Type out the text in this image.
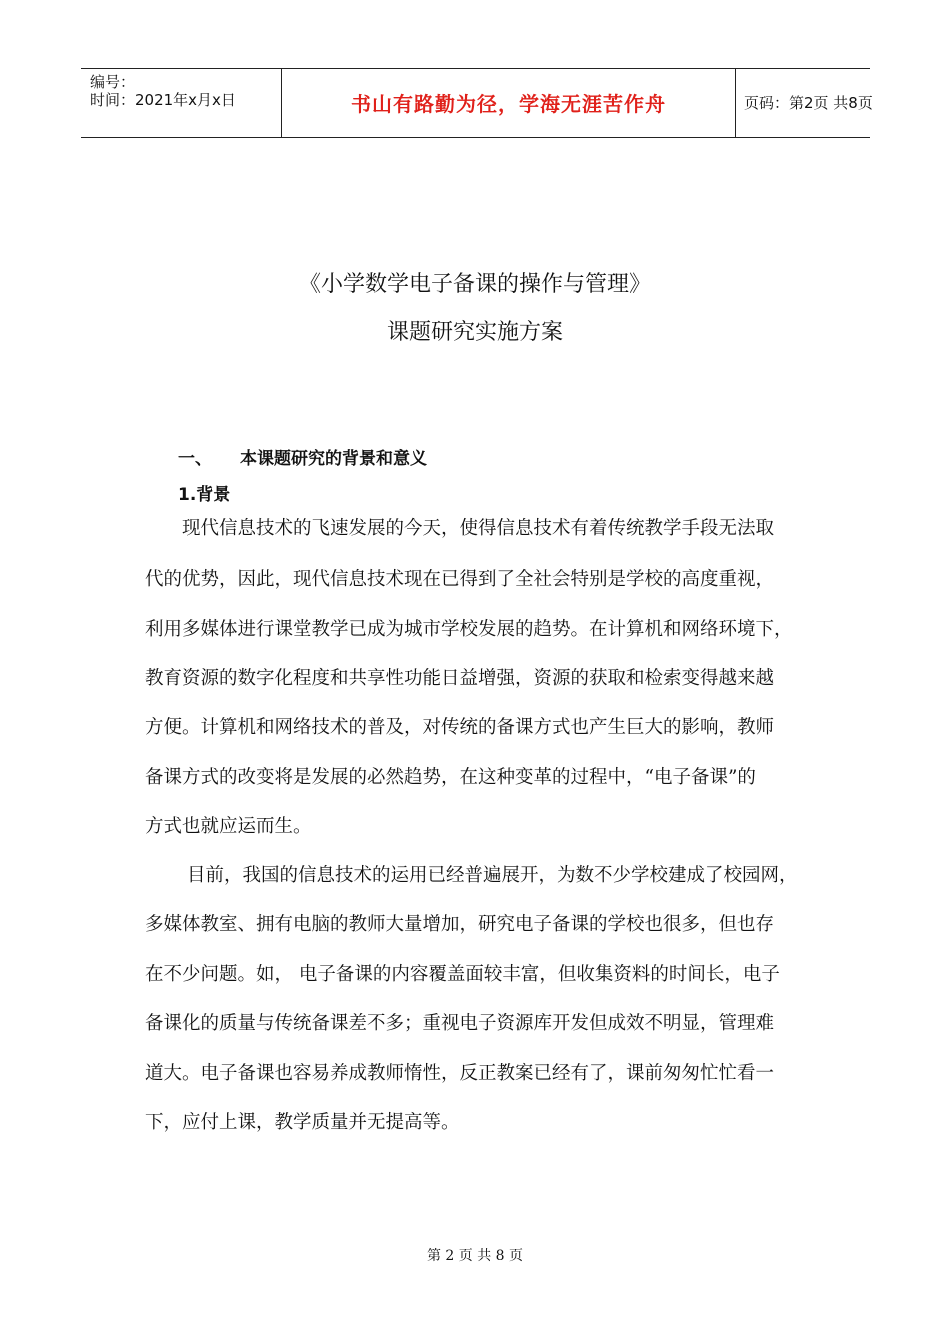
编号：
时间：2021年x月x日	书山有路勤为径，学海无涯苦作舟	页码：第2页 共8页
《小学数学电子备课的操作与管理》
课题研究实施方案
一、 本课题研究的背景和意义
1.背景

现代信息技术的飞速发展的今天，使得信息技术有着传统教学手段无法取

代的优势，因此，现代信息技术现在已得到了全社会特别是学校的高度重视，

利用多媒体进行课堂教学已成为城市学校发展的趋势。在计算机和网络环境下，

教育资源的数字化程度和共享性功能日益增强，资源的获取和检索变得越来越

方便。计算机和网络技术的普及，对传统的备课方式也产生巨大的影响，教师

备课方式的改变将是发展的必然趋势，在这种变革的过程中，“电子备课”的

方式也就应运而生。

目前，我国的信息技术的运用已经普遍展开，为数不少学校建成了校园网，

多媒体教室、拥有电脑的教师大量增加，研究电子备课的学校也很多，但也存

在不少问题。如， 电子备课的内容覆盖面较丰富，但收集资料的时间长，电子

备课化的质量与传统备课差不多；重视电子资源库开发但成效不明显，管理难

道大。电子备课也容易养成教师惰性，反正教案已经有了，课前匆匆忙忙看一

下，应付上课，教学质量并无提高等。

第 2 页 共 8 页
